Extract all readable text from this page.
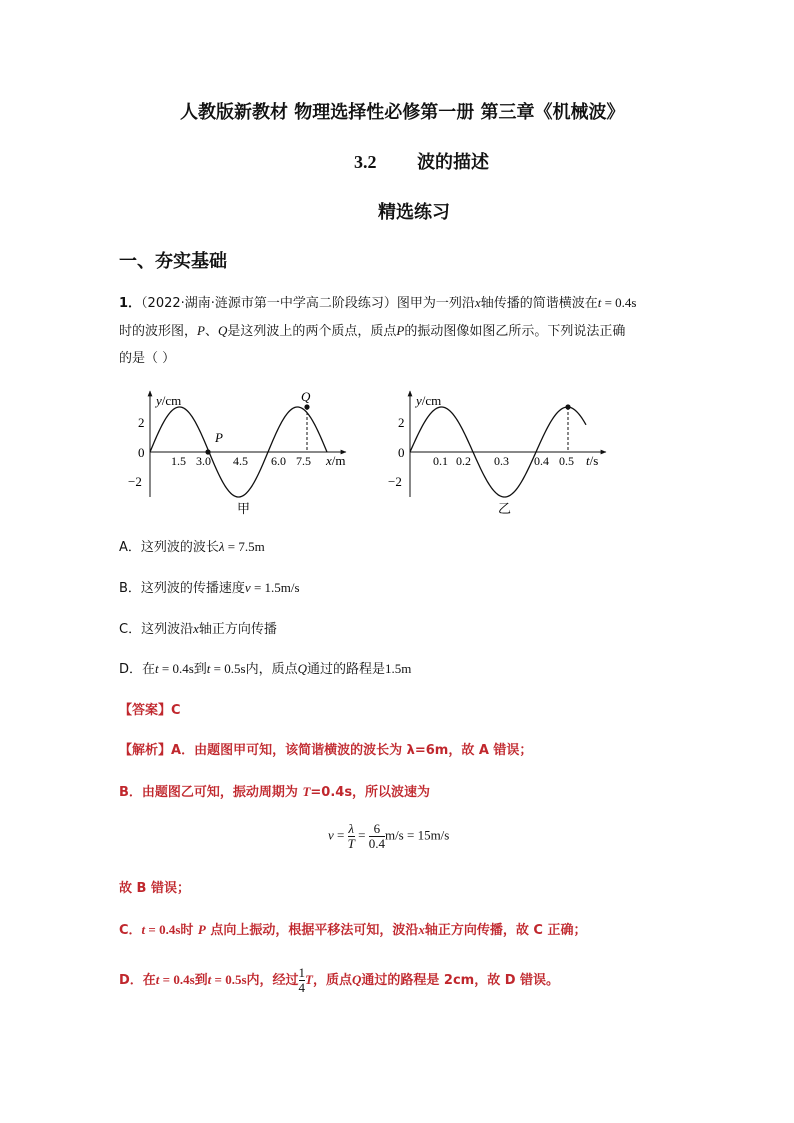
人教版新教材 物理选择性必修第一册 第三章《机械波》
3.2 波的描述
精选练习
一、夯实基础
1．（2022·湖南·涟源市第一中学高二阶段练习）图甲为一列沿x轴传播的简谐横波在t = 0.4s
时的波形图，P、Q是这列波上的两个质点，质点P的振动图像如图乙所示。下列说法正确
的是（ ）
2
0
−2
1.5 3.0 4.5 6.0 7.5
y/cm
x/m
P
Q
甲
2
0
−2
0.1 0.2 0.3 0.4 0.5
y/cm
t/s
乙
A．这列波的波长λ = 7.5m
B．这列波的传播速度v = 1.5m/s
C．这列波沿x轴正方向传播
D．在t = 0.4s到t = 0.5s内，质点Q通过的路程是1.5m
【答案】C
【解析】A．由题图甲可知，该简谐横波的波长为 λ=6m，故 A 错误；
B．由题图乙可知，振动周期为 T=0.4s，所以波速为
$v = \frac{\lambda}{T} = \frac{6}{0.4} m/s = 15m/s$
故 B 错误；
C．t = 0.4s时 P 点向上振动，根据平移法可知，波沿x轴正方向传播，故 C 正确；
D．在t = 0.4s到t = 0.5s内，经过 $\frac{1}{4}$ T，质点Q通过的路程是 2cm，故 D 错误。
